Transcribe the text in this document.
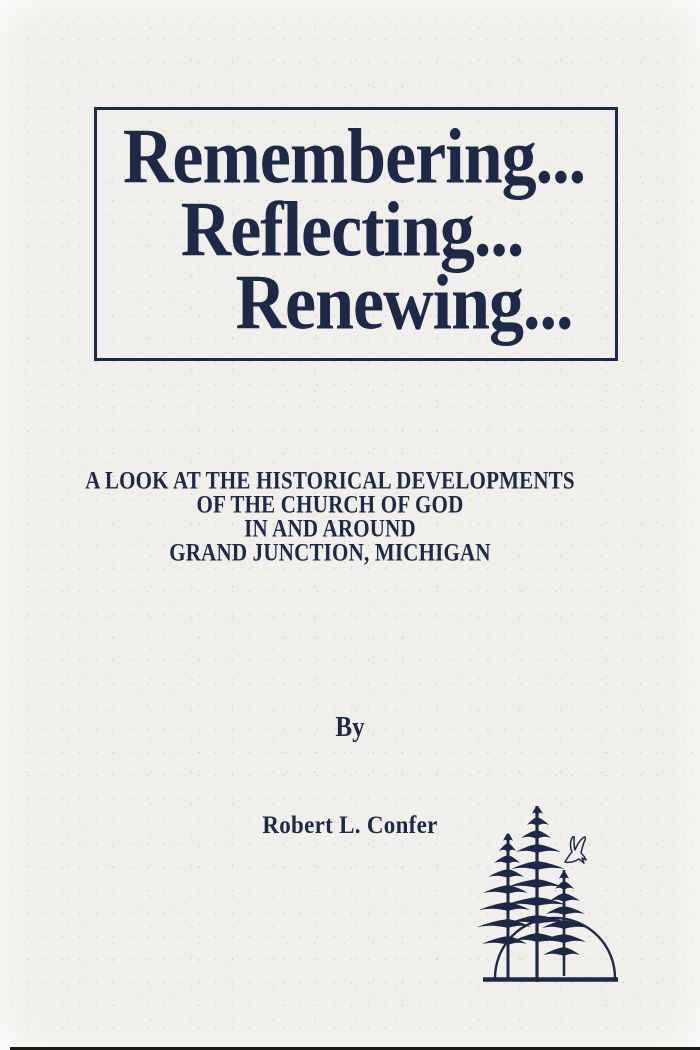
Remembering...
Reflecting...
Renewing...
A LOOK AT THE HISTORICAL DEVELOPMENTS
OF THE CHURCH OF GOD
IN AND AROUND
GRAND JUNCTION, MICHIGAN
By
Robert L. Confer
